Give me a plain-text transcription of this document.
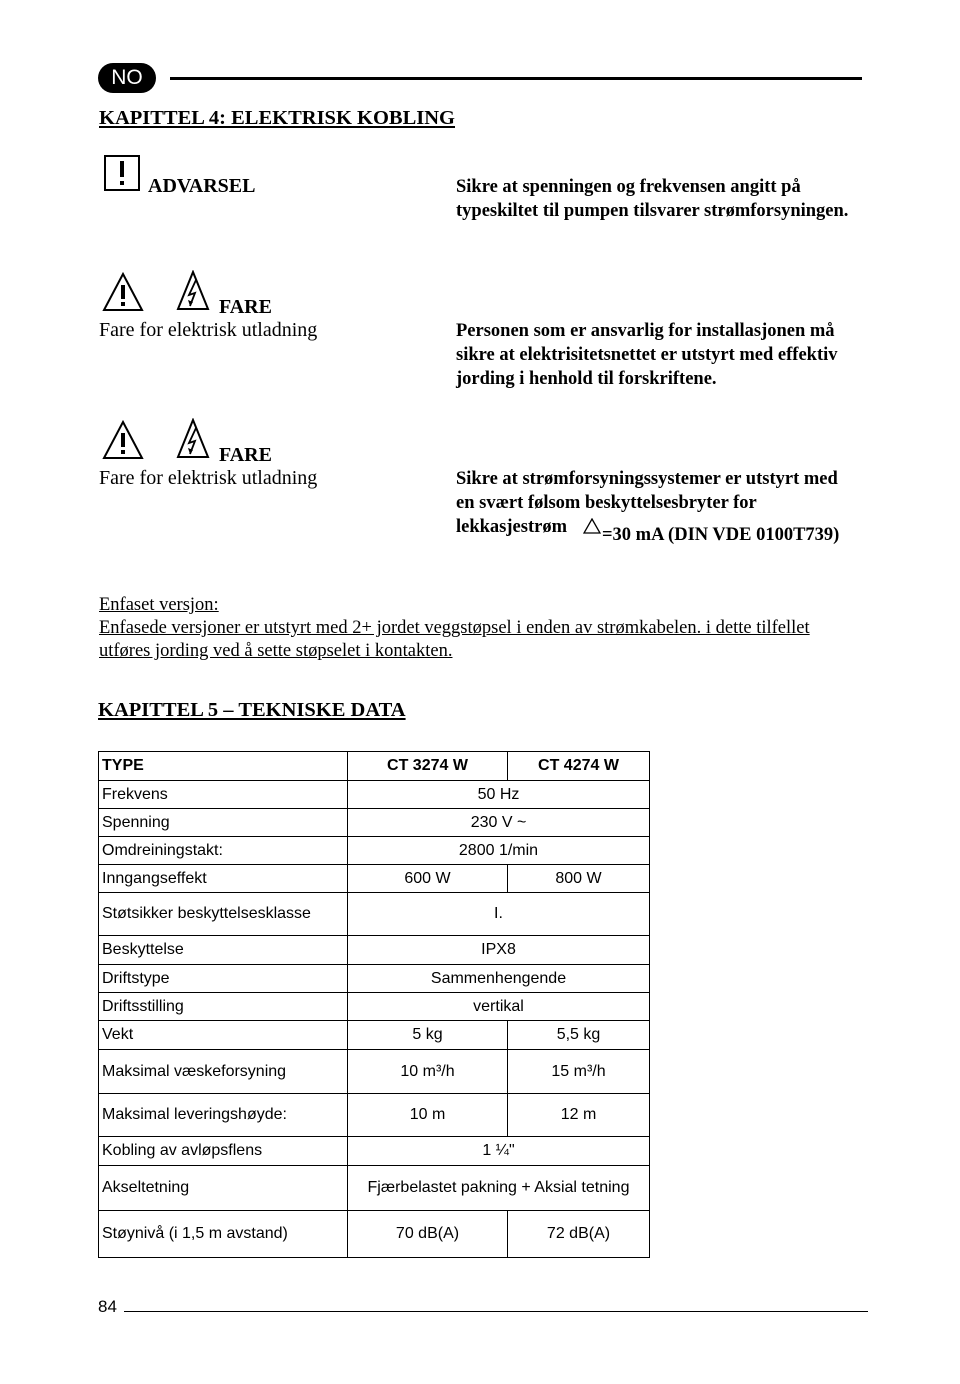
NO
KAPITTEL 4: ELEKTRISK KOBLING
ADVARSEL	Sikre at spenningen og frekvensen angitt på typeskiltet til pumpen tilsvarer strømforsyningen.
FARE
Fare for elektrisk utladning	Personen som er ansvarlig for installasjonen må sikre at elektrisitetsnettet er utstyrt med effektiv jording i henhold til forskriftene.
FARE
Fare for elektrisk utladning	Sikre at strømforsyningssystemer er utstyrt med en svært følsom beskyttelsesbryter for
lekkasjestrøm =30 mA (DIN VDE 0100T739)
Enfaset versjon:
Enfasede versjoner er utstyrt med 2+ jordet veggstøpsel i enden av strømkabelen. i dette tilfellet utføres jording ved å sette støpselet i kontakten.
KAPITTEL 5 – TEKNISKE DATA
TYPE	CT 3274 W	CT 4274 W
Frekvens	50 Hz	
Spenning	230 V ~	
Omdreiningstakt:	2800 1/min	
Inngangseffekt	600 W	800 W
Støtsikker beskyttelsesklasse	I.	
Beskyttelse	IPX8	
Driftstype	Sammenhengende	
Driftsstilling	vertikal	
Vekt	5 kg	5,5 kg
Maksimal væskeforsyning	10 m³/h	15 m³/h
Maksimal leveringshøyde:	10 m	12 m
Kobling av avløpsflens	1 ¼"	
Akseltetning	Fjærbelastet pakning + Aksial tetning	
Støynivå (i 1,5 m avstand)	70 dB(A)	72 dB(A)
84
